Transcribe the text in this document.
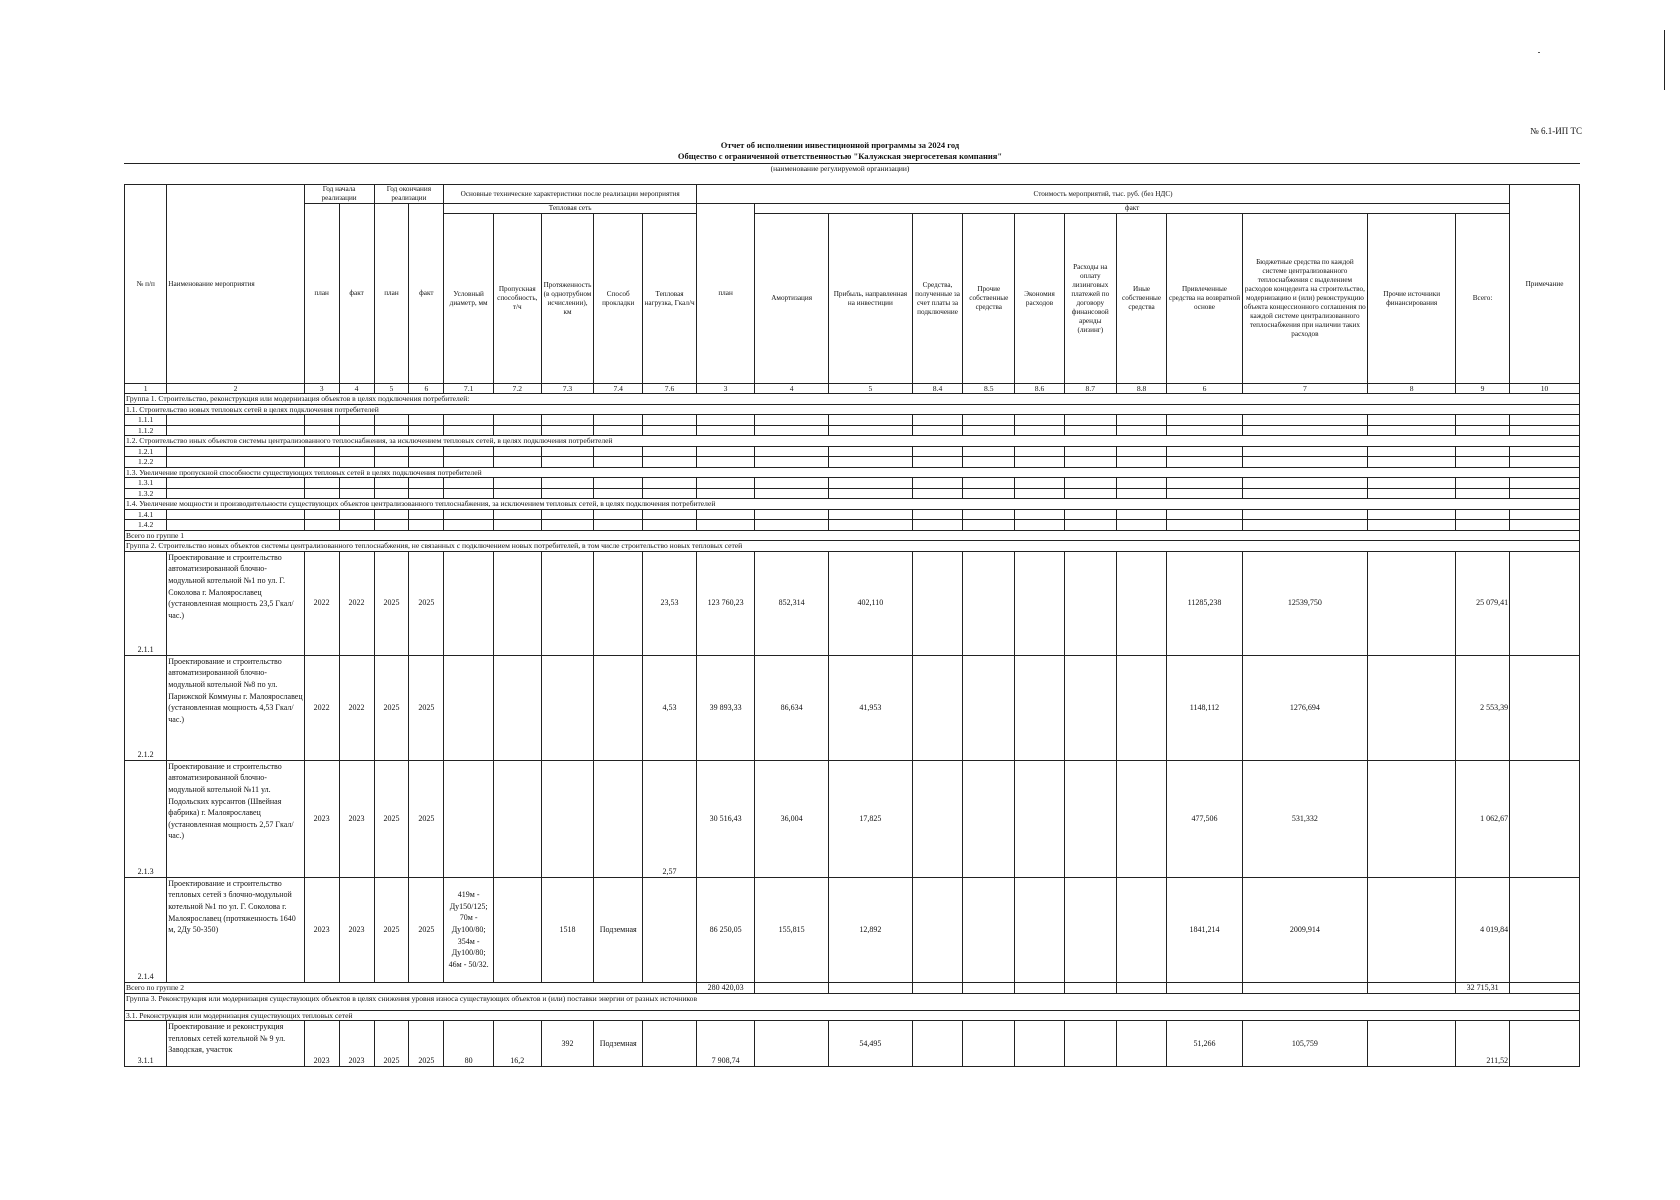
№ 6.1-ИП ТС
Отчет об исполнении инвестиционной программы за 2024 год
Общество с ограниченной ответственностью "Калужская энергосетевая компания"
(наименование регулируемой организации)
№ п/п	Наименование мероприятия	Год начала реализации		Год окончания реализации		Основные технические характеристики после реализации мероприятия					Стоимость мероприятий, тыс. руб. (без НДС)												Примечание
		план	факт	план	факт	Тепловая сеть					план	факт											
						Условный диаметр, мм	Пропускная способность, т/ч	Протяженность (в однотрубном исчислении), км	Способ прокладки	Тепловая нагрузка, Гкал/ч		Амортизация	Прибыль, направленная на инвестиции	Средства, полученные за счет платы за подключение	Прочие собственные средства	Экономия расходов	Расходы на оплату лизинговых платежей по договору финансовой аренды (лизинг)	Иные собственные средства	Привлеченные средства на возвратной основе	Бюджетные средства по каждой системе централизованного теплоснабжения с выделением расходов концедента на строительство, модернизацию и (или) реконструкцию объекта концессионного соглашения по каждой системе централизованного теплоснабжения при наличии таких расходов	Прочие источники финансирования	Всего:	
1	2	3	4	5	6	7.1	7.2	7.3	7.4	7.6	3	4	5	8.4	8.5	8.6	8.7	8.8	6	7	8	9	10
Группа 1. Строительство, реконструкция или модернизация объектов в целях подключения потребителей:																							
1.1. Строительство новых тепловых сетей в целях подключения потребителей																							
1.1.1																							
1.1.2																							
1.2. Строительство иных объектов системы централизованного теплоснабжения, за исключением тепловых сетей, в целях подключения потребителей																							
1.2.1																							
1.2.2																							
1.3. Увеличение пропускной способности существующих тепловых сетей в целях подключения потребителей																							
1.3.1																							
1.3.2																							
1.4. Увеличение мощности и производительности существующих объектов централизованного теплоснабжения, за исключением тепловых сетей, в целях подключения потребителей																							
1.4.1																							
1.4.2																							
Всего по группе 1																							
Группа 2. Строительство новых объектов системы централизованного теплоснабжения, не связанных с подключением новых потребителей, в том числе строительство новых тепловых сетей																							
2.1.1	Проектирование и строительство автоматизированной блочно-модульной котельной №1 по ул. Г. Соколова г. Малоярославец (установленная мощность 23,5 Гкал/час.)	2022	2022	2025	2025					23,53	123 760,23	852,314	402,110						11285,238	12539,750		25 079,41	
2.1.2	Проектирование и строительство автоматизированной блочно-модульной котельной №8 по ул. Парижской Коммуны г. Малоярославец (установленная мощность 4,53 Гкал/час.)	2022	2022	2025	2025					4,53	39 893,33	86,634	41,953						1148,112	1276,694		2 553,39	
2.1.3	Проектирование и строительство автоматизированной блочно-модульной котельной №11 ул. Подольских курсантов (Швейная фабрика) г. Малоярославец (установленная мощность 2,57 Гкал/час.)	2023	2023	2025	2025					2,57	30 516,43	36,004	17,825						477,506	531,332		1 062,67	
2.1.4	Проектирование и строительство тепловых сетей з блочно-модульной котельной №1 по ул. Г. Соколова г. Малоярославец (протяженность 1640 м, 2Ду 50-350)	2023	2023	2025	2025	419м - Ду150/125; 70м - Ду100/80; 354м - Ду100/80; 46м - 50/32.		1518	Подземная		86 250,05	155,815	12,892						1841,214	2009,914		4 019,84	
Всего по группе 2											280 420,03											32 715,31	
Группа 3. Реконструкция или модернизация существующих объектов в целях снижения уровня износа существующих объектов и (или) поставки энергии от разных источников																							
3.1. Реконструкция или модернизация существующих тепловых сетей																							
3.1.1	Проектирование и реконструкция тепловых сетей котельной № 9 ул. Заводская, участок	2023	2023	2025	2025	80	16,2	392	Подземная		7 908,74		54,495						51,266	105,759		211,52	
